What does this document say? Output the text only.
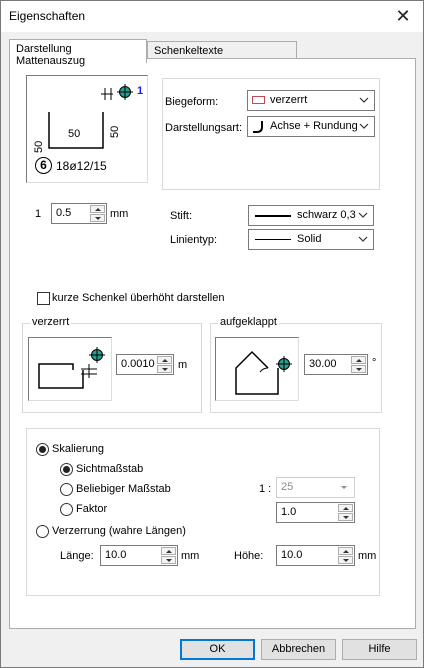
Eigenschaften	✕
Darstellung Mattenauszug
Schenkeltexte
1
50
50	50
6 18ø12/15
Biegeform:	verzerrt
Darstellungsart:	Achse + Rundung
1 0.5	mm	Stift:	schwarz 0,3
Linientyp:	Solid
kurze Schenkel überhöht darstellen
verzerrt
0.0010 m
aufgeklappt
30.00	°
Skalierung
Sichtmaßstab
Beliebiger Maßstab	1 : 25
Faktor	1.0
Verzerrung (wahre Längen)
Länge: 10.0	mm	Höhe: 10.0	mm
OK	Abbrechen	Hilfe
